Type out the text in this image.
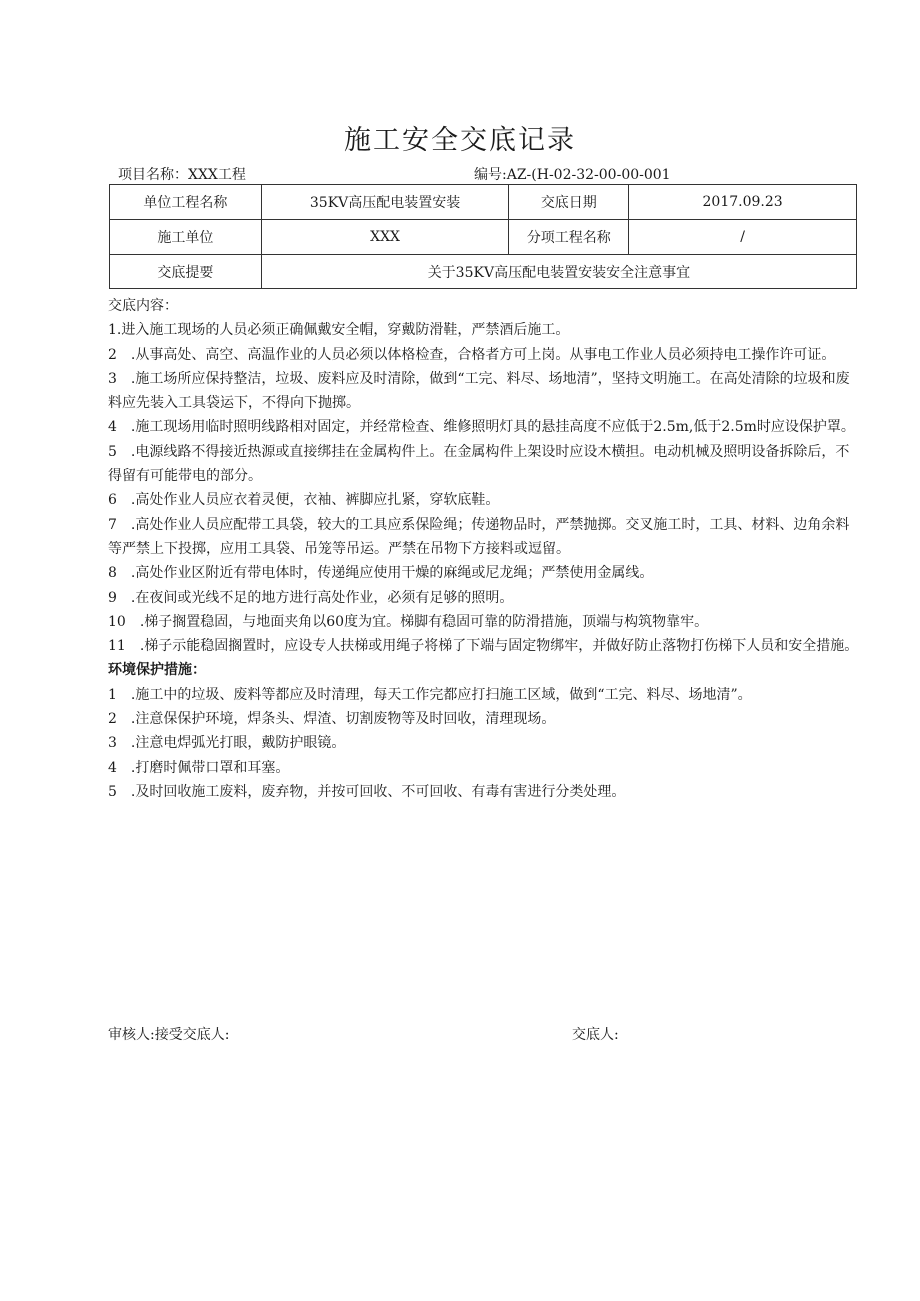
施工安全交底记录
项目名称：XXX工程	编号:AZ-(H-02-32-00-00-001
单位工程名称	35KV高压配电装置安装	交底日期	2017.09.23
施工单位	XXX	分项工程名称	/
交底提要	关于35KV高压配电装置安装安全注意事宜		

交底内容：

1.进入施工现场的人员必须正确佩戴安全帽，穿戴防滑鞋，严禁酒后施工。

2　.从事高处、高空、高温作业的人员必须以体格检查，合格者方可上岗。从事电工作业人员必须持电工操作许可证。

3　.施工场所应保持整洁，垃圾、废料应及时清除，做到“工完、料尽、场地清”，坚持文明施工。在高处清除的垃圾和废料应先装入工具袋运下，不得向下抛掷。

4　.施工现场用临时照明线路相对固定，并经常检查、维修照明灯具的悬挂高度不应低于2.5m,低于2.5m时应设保护罩。

5　.电源线路不得接近热源或直接绑挂在金属构件上。在金属构件上架设时应设木横担。电动机械及照明设备拆除后，不得留有可能带电的部分。

6　.高处作业人员应衣着灵便，衣袖、裤脚应扎紧，穿软底鞋。

7　.高处作业人员应配带工具袋，较大的工具应系保险绳；传递物品时，严禁抛掷。交叉施工时，工具、材料、边角余料等严禁上下投掷，应用工具袋、吊笼等吊运。严禁在吊物下方接料或逗留。

8　.高处作业区附近有带电体时，传递绳应使用干燥的麻绳或尼龙绳；严禁使用金属线。

9　.在夜间或光线不足的地方进行高处作业，必须有足够的照明。

10　.梯子搁置稳固，与地面夹角以60度为宜。梯脚有稳固可靠的防滑措施，顶端与构筑物靠牢。

11　.梯子示能稳固搁置时，应设专人扶梯或用绳子将梯了下端与固定物绑牢，并做好防止落物打伤梯下人员和安全措施。

环境保护措施：

1　.施工中的垃圾、废料等都应及时清理，每天工作完都应打扫施工区域，做到“工完、料尽、场地清”。

2　.注意保保护环境，焊条头、焊渣、切割废物等及时回收，清理现场。

3　.注意电焊弧光打眼，戴防护眼镜。

4　.打磨时佩带口罩和耳塞。

5　.及时回收施工废料，废弃物，并按可回收、不可回收、有毒有害进行分类处理。

审核人:接受交底人:	交底人:
